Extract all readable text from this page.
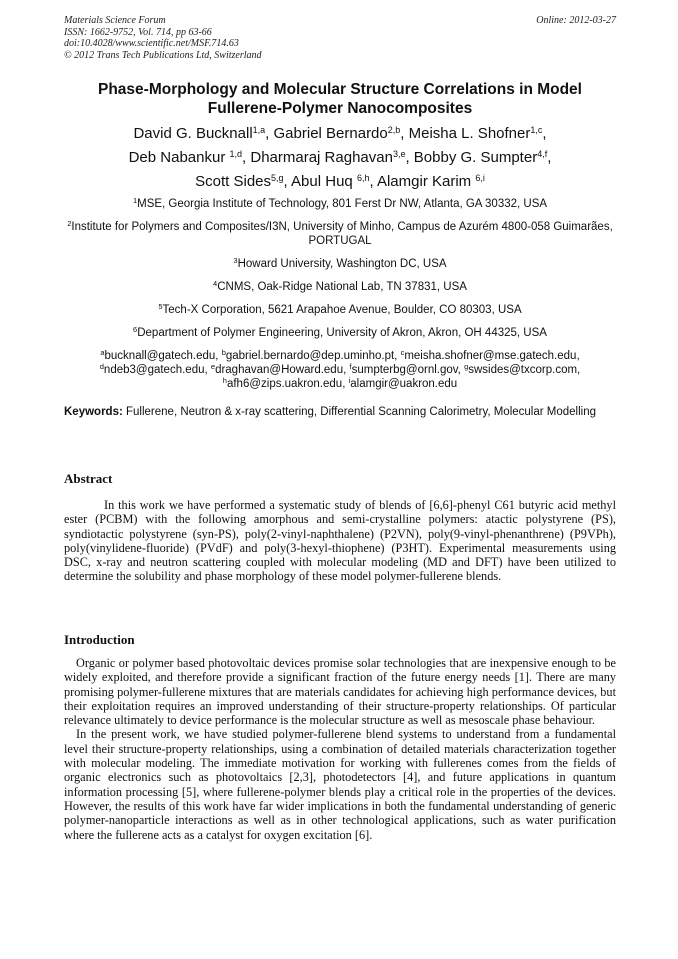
Materials Science Forum
ISSN: 1662-9752, Vol. 714, pp 63-66
doi:10.4028/www.scientific.net/MSF.714.63
© 2012 Trans Tech Publications Ltd, Switzerland
Online: 2012-03-27
Phase-Morphology and Molecular Structure Correlations in Model
Fullerene-Polymer Nanocomposites
David G. Bucknall$^{1,a}$, Gabriel Bernardo$^{2,b}$, Meisha L. Shofner$^{1,c}$,
Deb Nabankur $^{1,d}$, Dharmaraj Raghavan$^{3,e}$, Bobby G. Sumpter$^{4,f}$,
Scott Sides$^{5,g}$, Abul Huq $^{6,h}$, Alamgir Karim $^{6,i}$

$^1$MSE, Georgia Institute of Technology, 801 Ferst Dr NW, Atlanta, GA 30332, USA

$^2$Institute for Polymers and Composites/I3N, University of Minho, Campus de Azurém 4800-058 Guimarães, PORTUGAL

$^3$Howard University, Washington DC, USA

$^4$CNMS, Oak-Ridge National Lab, TN 37831, USA

$^5$Tech-X Corporation, 5621 Arapahoe Avenue, Boulder, CO 80303, USA

$^6$Department of Polymer Engineering, University of Akron, Akron, OH 44325, USA

$^a$bucknall@gatech.edu, $^b$gabriel.bernardo@dep.uminho.pt, $^c$meisha.shofner@mse.gatech.edu,
$^d$ndeb3@gatech.edu, $^e$draghavan@Howard.edu, $^f$sumpterbg@ornl.gov, $^g$swsides@txcorp.com,
$^h$afh6@zips.uakron.edu, $^i$alamgir@uakron.edu

Keywords: Fullerene, Neutron & x-ray scattering, Differential Scanning Calorimetry, Molecular Modelling
Abstract
In this work we have performed a systematic study of blends of [6,6]-phenyl C61 butyric acid methyl ester (PCBM) with the following amorphous and semi-crystalline polymers: atactic polystyrene (PS), syndiotactic polystyrene (syn-PS), poly(2-vinyl-naphthalene) (P2VN), poly(9-vinyl-phenanthrene) (P9VPh), poly(vinylidene-fluoride) (PVdF) and poly(3-hexyl-thiophene) (P3HT). Experimental measurements using DSC, x-ray and neutron scattering coupled with molecular modeling (MD and DFT) have been utilized to determine the solubility and phase morphology of these model polymer-fullerene blends.
Introduction

Organic or polymer based photovoltaic devices promise solar technologies that are inexpensive enough to be widely exploited, and therefore provide a significant fraction of the future energy needs [1]. There are many promising polymer-fullerene mixtures that are materials candidates for achieving high performance devices, but their exploitation requires an improved understanding of their structure-property relationships. Of particular relevance ultimately to device performance is the molecular structure as well as mesoscale phase behaviour.

In the present work, we have studied polymer-fullerene blend systems to understand from a fundamental level their structure-property relationships, using a combination of detailed materials characterization together with molecular modeling. The immediate motivation for working with fullerenes comes from the fields of organic electronics such as photovoltaics [2,3], photodetectors [4], and future applications in quantum information processing [5], where fullerene-polymer blends play a critical role in the properties of the devices. However, the results of this work have far wider implications in both the fundamental understanding of generic polymer-nanoparticle interactions as well as in other technological applications, such as water purification where the fullerene acts as a catalyst for oxygen excitation [6].
